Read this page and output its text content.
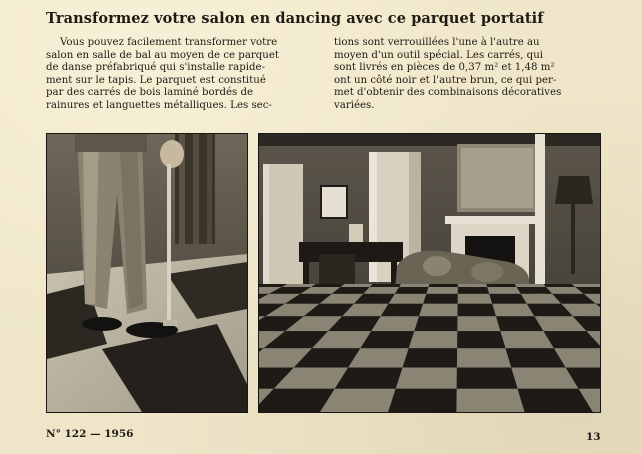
Transformez votre salon en dancing avec ce parquet portatif
Vous pouvez facilement transformer votre
salon en salle de bal au moyen de ce parquet
de danse préfabriqué qui s'installe rapide-
ment sur le tapis. Le parquet est constitué
par des carrés de bois laminé bordés de
rainures et languettes métalliques. Les sec-
tions sont verrouillées l'une à l'autre au
moyen d'un outil spécial. Les carrés, qui
sont livrés en pièces de 0,37 m² et 1,48 m²
ont un côté noir et l'autre brun, ce qui per-
met d'obtenir des combinaisons décoratives
variées.
N° 122 — 1956	13
